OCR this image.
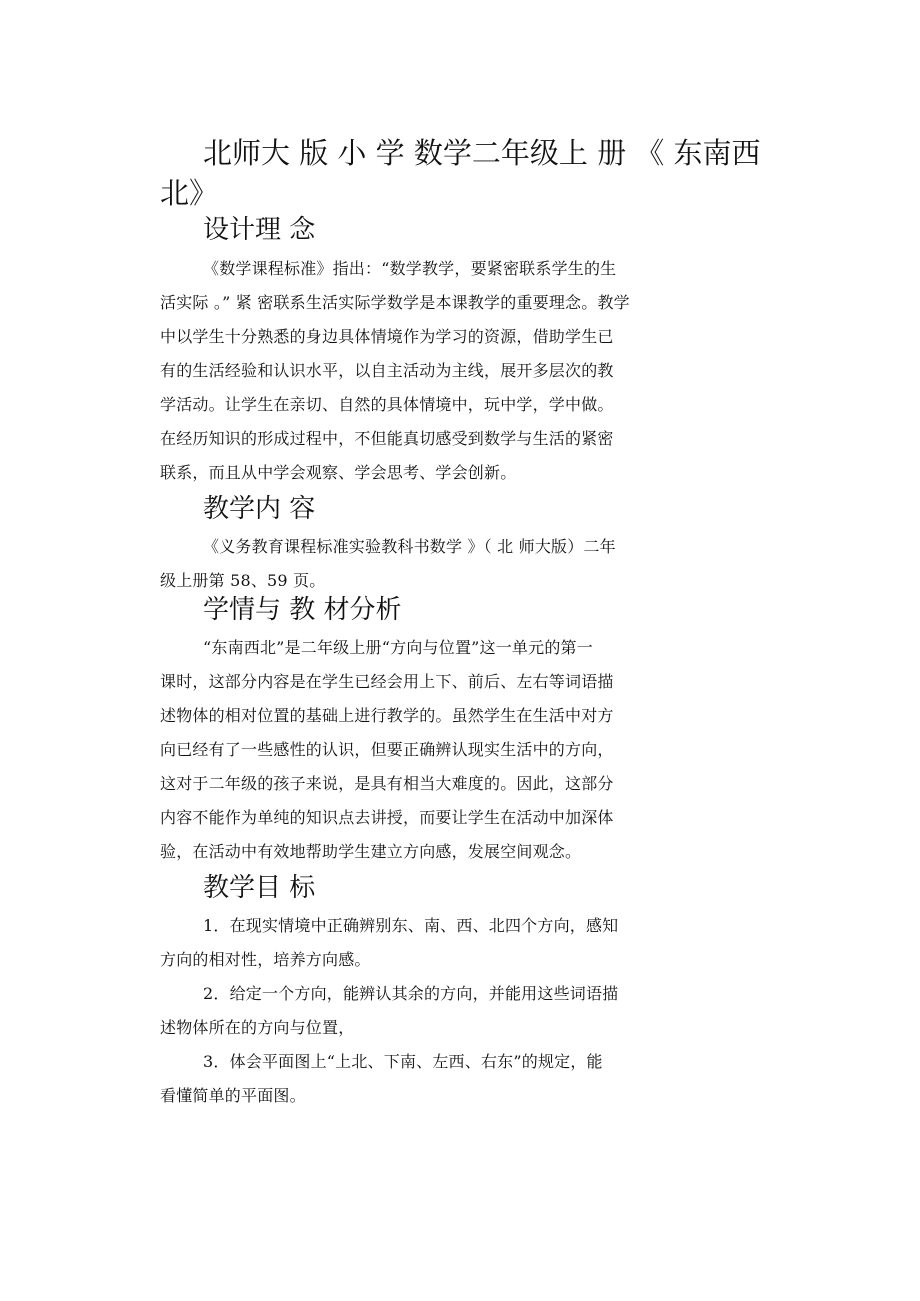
北师大 版 小 学 数学二年级上 册 《 东南西
北》
设计理 念
《数学课程标准》指出：“数学教学，要紧密联系学生的生
活实际 。” 紧 密联系生活实际学数学是本课教学的重要理念。教学
中以学生十分熟悉的身边具体情境作为学习的资源，借助学生已
有的生活经验和认识水平，以自主活动为主线，展开多层次的教
学活动。让学生在亲切、自然的具体情境中，玩中学，学中做。
在经历知识的形成过程中，不但能真切感受到数学与生活的紧密
联系，而且从中学会观察、学会思考、学会创新。
教学内 容
《义务教育课程标准实验教科书数学 》（ 北 师大版）二年
级上册第 58、59 页。
学情与 教 材分析
“东南西北”是二年级上册“方向与位置”这一单元的第一
课时，这部分内容是在学生已经会用上下、前后、左右等词语描
述物体的相对位置的基础上进行教学的。虽然学生在生活中对方
向已经有了一些感性的认识，但要正确辨认现实生活中的方向，
这对于二年级的孩子来说，是具有相当大难度的。因此，这部分
内容不能作为单纯的知识点去讲授，而要让学生在活动中加深体
验，在活动中有效地帮助学生建立方向感，发展空间观念。
教学目 标
1．在现实情境中正确辨别东、南、西、北四个方向，感知
方向的相对性，培养方向感。
2．给定一个方向，能辨认其余的方向，并能用这些词语描
述物体所在的方向与位置，
3．体会平面图上“上北、下南、左西、右东”的规定，能
看懂简单的平面图。
